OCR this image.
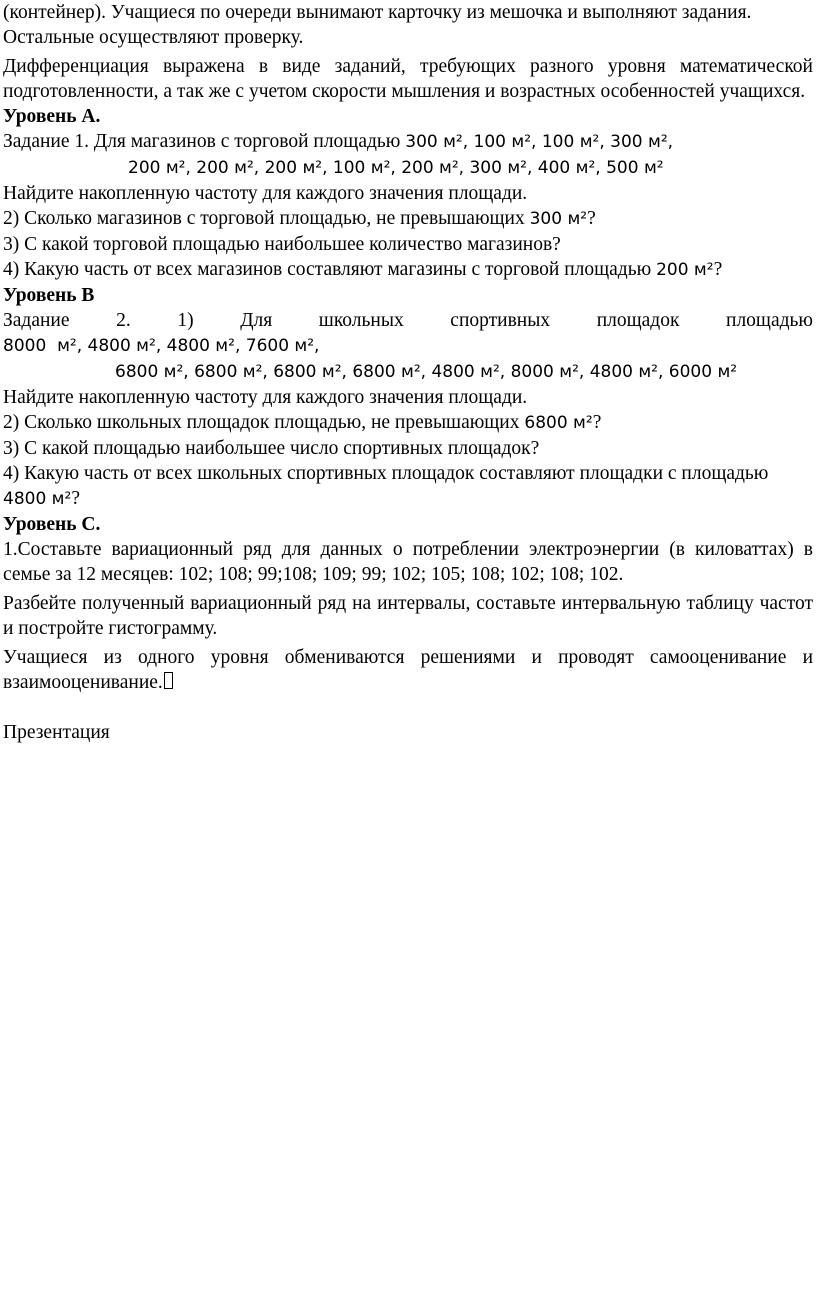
(контейнер). Учащиеся по очереди вынимают карточку из мешочка и выполняют задания.

Остальные осуществляют проверку.

Дифференциация выражена в виде заданий, требующих разного уровня математической подготовленности, а так же с учетом скорости мышления и возрастных особенностей учащихся.

Уровень А.

Задание 1. Для магазинов с торговой площадью 300 м², 100 м², 100 м², 300 м²,

200 м², 200 м², 200 м², 100 м², 200 м², 300 м², 400 м², 500 м²

Найдите накопленную частоту для каждого значения площади.

2) Сколько магазинов с торговой площадью, не превышающих 300 м²?

3) С какой торговой площадью наибольшее количество магазинов?

4) Какую часть от всех магазинов составляют магазины с торговой площадью 200 м²?

Уровень В

Задание 2. 1) Для школьных спортивных площадок площадью

8000  м², 4800 м², 4800 м², 7600 м²,

6800 м², 6800 м², 6800 м², 6800 м², 4800 м², 8000 м², 4800 м², 6000 м²

Найдите накопленную частоту для каждого значения площади.

2) Сколько школьных площадок площадью, не превышающих 6800 м²?

3) С какой площадью наибольшее число спортивных площадок?

4) Какую часть от всех школьных спортивных площадок составляют площадки с площадью
4800 м²?

Уровень С.

1.Составьте вариационный ряд для данных о потреблении электроэнергии (в киловаттах) в семье за 12 месяцев: 102; 108; 99;108; 109; 99; 102; 105; 108; 102; 108; 102.

Разбейте полученный вариационный ряд на интервалы, составьте интервальную таблицу частот и постройте гистограмму.

Учащиеся из одного уровня обмениваются решениями и проводят самооценивание и взаимооценивание.

Презентация
